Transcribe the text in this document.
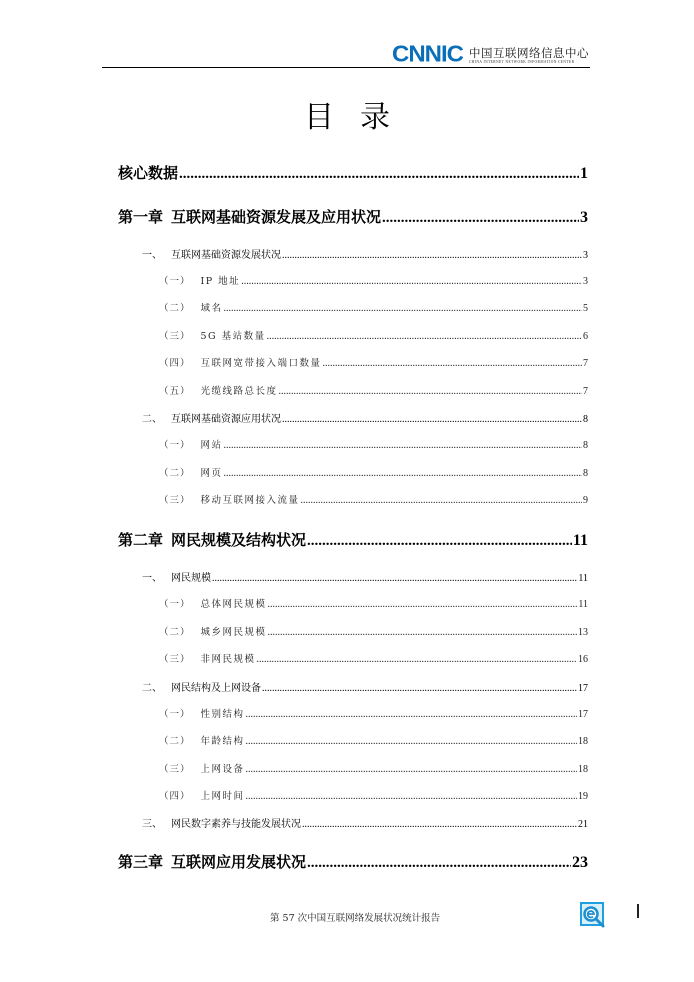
CNNIC 中国互联网络信息中心
CHINA INTERNET NETWORK INFORMATION CENTER
目录
核心数据 .....	1
第一章 互联网基础资源发展及应用状况 .....	3
一、 互联网基础资源发展状况 .....	3
（一） IP 地址 .....	3
（二） 域名 .....	5
（三） 5G 基站数量 .....	6
（四） 互联网宽带接入端口数量 .....	7
（五） 光缆线路总长度 .....	7
二、 互联网基础资源应用状况 .....	8
（一） 网站 .....	8
（二） 网页 .....	8
（三） 移动互联网接入流量 .....	9
第二章 网民规模及结构状况 .....	11
一、 网民规模 .....	11
（一） 总体网民规模 .....	11
（二） 城乡网民规模 .....	13
（三） 非网民规模 .....	16
二、 网民结构及上网设备 .....	17
（一） 性别结构 .....	17
（二） 年龄结构 .....	18
（三） 上网设备 .....	18
（四） 上网时间 .....	19
三、 网民数字素养与技能发展状况 .....	21
第三章 互联网应用发展状况 .....	23
第 57 次中国互联网络发展状况统计报告
